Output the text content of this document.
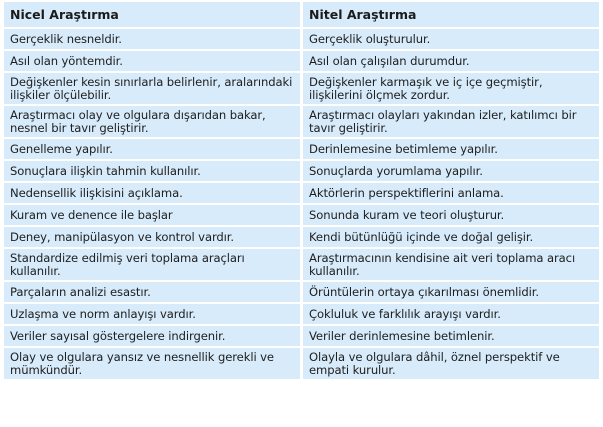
Nicel Araştırma	Nitel Araştırma
Gerçeklik nesneldir.	Gerçeklik oluşturulur.
Asıl olan yöntemdir.	Asıl olan çalışılan durumdur.
Değişkenler kesin sınırlarla belirlenir, aralarındaki ilişkiler ölçülebilir.	Değişkenler karmaşık ve iç içe geçmiştir, ilişkilerini ölçmek zordur.
Araştırmacı olay ve olgulara dışarıdan bakar, nesnel bir tavır geliştirir.	Araştırmacı olayları yakından izler, katılımcı bir tavır geliştirir.
Genelleme yapılır.	Derinlemesine betimleme yapılır.
Sonuçlara ilişkin tahmin kullanılır.	Sonuçlarda yorumlama yapılır.
Nedensellik ilişkisini açıklama.	Aktörlerin perspektiflerini anlama.
Kuram ve denence ile başlar	Sonunda kuram ve teori oluşturur.
Deney, manipülasyon ve kontrol vardır.	Kendi bütünlüğü içinde ve doğal gelişir.
Standardize edilmiş veri toplama araçları kullanılır.	Araştırmacının kendisine ait veri toplama aracı kullanılır.
Parçaların analizi esastır.	Örüntülerin ortaya çıkarılması önemlidir.
Uzlaşma ve norm anlayışı vardır.	Çokluluk ve farklılık arayışı vardır.
Veriler sayısal göstergelere indirgenir.	Veriler derinlemesine betimlenir.
Olay ve olgulara yansız ve nesnellik gerekli ve mümkündür.	Olayla ve olgulara dâhil, öznel perspektif ve empati kurulur.
